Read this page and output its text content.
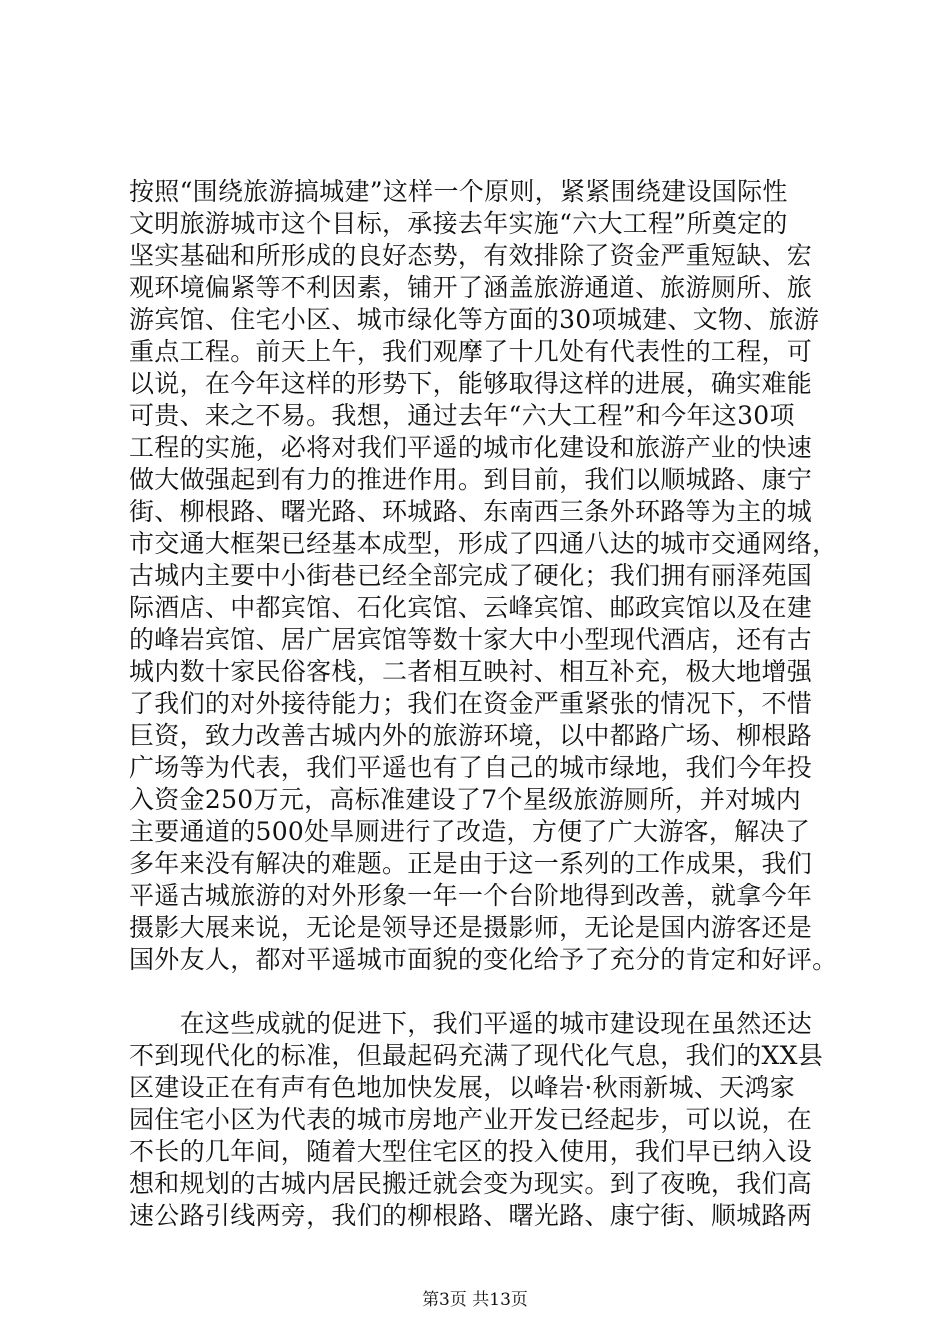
按照“围绕旅游搞城建”这样一个原则，紧紧围绕建设国际性
文明旅游城市这个目标，承接去年实施“六大工程”所奠定的
坚实基础和所形成的良好态势，有效排除了资金严重短缺、宏
观环境偏紧等不利因素，铺开了涵盖旅游通道、旅游厕所、旅
游宾馆、住宅小区、城市绿化等方面的30项城建、文物、旅游
重点工程。前天上午，我们观摩了十几处有代表性的工程，可
以说，在今年这样的形势下，能够取得这样的进展，确实难能
可贵、来之不易。我想，通过去年“六大工程”和今年这30项
工程的实施，必将对我们平遥的城市化建设和旅游产业的快速
做大做强起到有力的推进作用。到目前，我们以顺城路、康宁
街、柳根路、曙光路、环城路、东南西三条外环路等为主的城
市交通大框架已经基本成型，形成了四通八达的城市交通网络，
古城内主要中小街巷已经全部完成了硬化；我们拥有丽泽苑国
际酒店、中都宾馆、石化宾馆、云峰宾馆、邮政宾馆以及在建
的峰岩宾馆、居广居宾馆等数十家大中小型现代酒店，还有古
城内数十家民俗客栈，二者相互映衬、相互补充，极大地增强
了我们的对外接待能力；我们在资金严重紧张的情况下，不惜
巨资，致力改善古城内外的旅游环境，以中都路广场、柳根路
广场等为代表，我们平遥也有了自己的城市绿地，我们今年投
入资金250万元，高标准建设了7个星级旅游厕所，并对城内
主要通道的500处旱厕进行了改造，方便了广大游客，解决了
多年来没有解决的难题。正是由于这一系列的工作成果，我们
平遥古城旅游的对外形象一年一个台阶地得到改善，就拿今年
摄影大展来说，无论是领导还是摄影师，无论是国内游客还是
国外友人，都对平遥城市面貌的变化给予了充分的肯定和好评。
　　在这些成就的促进下，我们平遥的城市建设现在虽然还达
不到现代化的标准，但最起码充满了现代化气息，我们的XX县
区建设正在有声有色地加快发展，以峰岩·秋雨新城、天鸿家
园住宅小区为代表的城市房地产业开发已经起步，可以说，在
不长的几年间，随着大型住宅区的投入使用，我们早已纳入设
想和规划的古城内居民搬迁就会变为现实。到了夜晚，我们高
速公路引线两旁，我们的柳根路、曙光路、康宁街、顺城路两
第3页 共13页
